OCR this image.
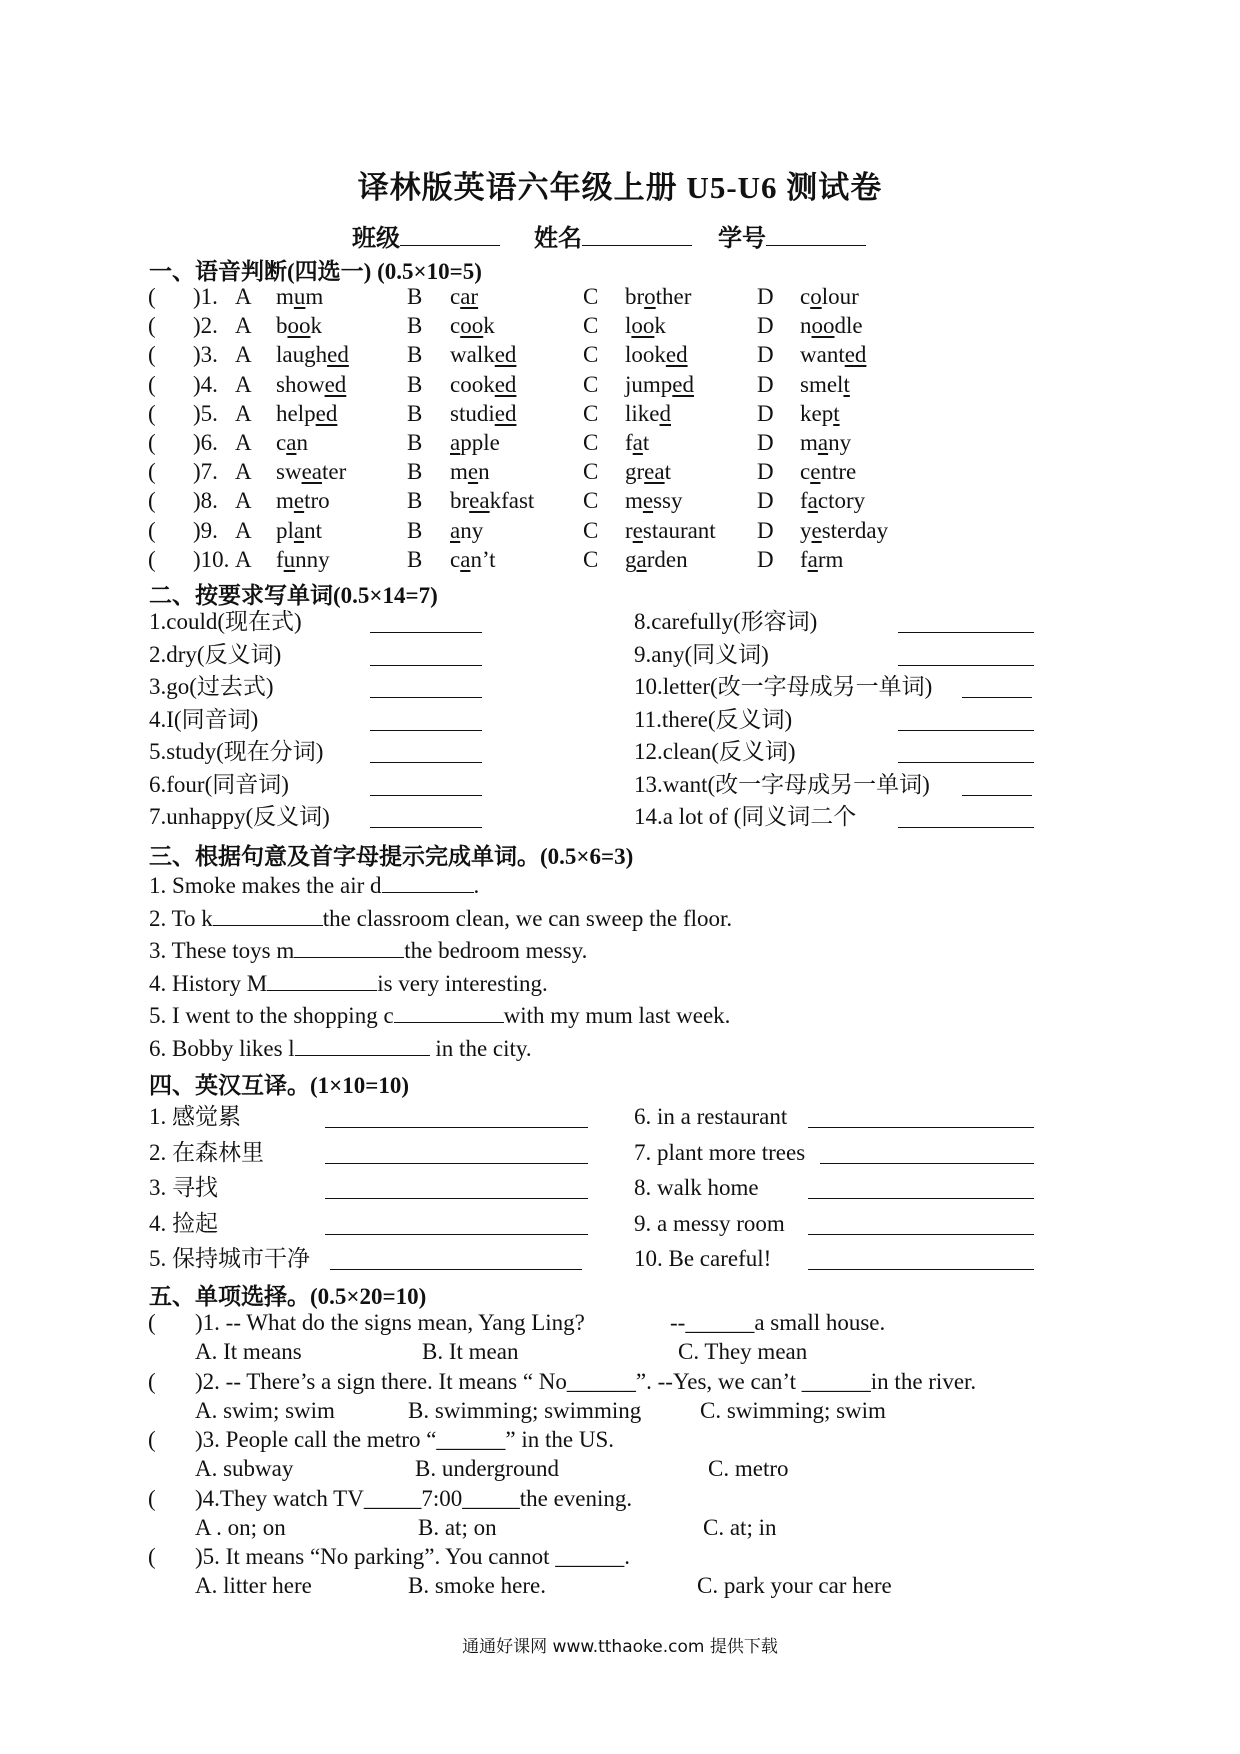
译林版英语六年级上册 U5-U6 测试卷
班级	姓名	学号
一、语音判断(四选一) (0.5×10=5)
( )1. A mum	B car	C brother	D colour
( )2. A book	B cook	C look	D noodle
( )3. A laughed	B walked	C looked	D wanted
( )4. A showed	B cooked	C jumped	D smelt
( )5. A helped	B studied	C liked	D kept
( )6. A can	B apple	C fat	D many
( )7. A sweater	B men	C great	D centre
( )8. A metro	B breakfast C messy	D factory
( )9. A plant	B any	C restaurant D yesterday
( )10. A funny	B can’t	C garden	D farm
二、按要求写单词(0.5×14=7)
1.could(现在式)	8.carefully(形容词)
2.dry(反义词)	9.any(同义词)
3.go(过去式)	10.letter(改一字母成另一单词)
4.I(同音词)	11.there(反义词)
5.study(现在分词)	12.clean(反义词)
6.four(同音词)	13.want(改一字母成另一单词)
7.unhappy(反义词)	14.a lot of (同义词二个
三、根据句意及首字母提示完成单词。(0.5×6=3)
1. Smoke makes the air d	.
2. To k	the classroom clean, we can sweep the floor.
3. These toys m	the bedroom messy.
4. History M	is very interesting.
5. I went to the shopping c	with my mum last week.
6. Bobby likes l	in the city.
四、英汉互译。(1×10=10)
1. 感觉累	6. in a restaurant
2. 在森林里	7. plant more trees
3. 寻找	8. walk home
4. 捡起	9. a messy room
5. 保持城市干净	10. Be careful!
五、单项选择。(0.5×20=10)
( )1. -- What do the signs mean, Yang Ling?	--______a small house.
A. It means	B. It mean	C. They mean
( )2. -- There’s a sign there. It means “ No______”. --Yes, we can’t ______in the river.
A. swim; swim	B. swimming; swimming	C. swimming; swim
( )3. People call the metro “______” in the US.
A. subway	B. underground	C. metro
( )4.They watch TV_____7:00_____the evening.
A . on; on	B. at; on	C. at; in
( )5. It means “No parking”. You cannot ______.
A. litter here	B. smoke here.	C. park your car here
通通好课网 www.tthaoke.com 提供下载
